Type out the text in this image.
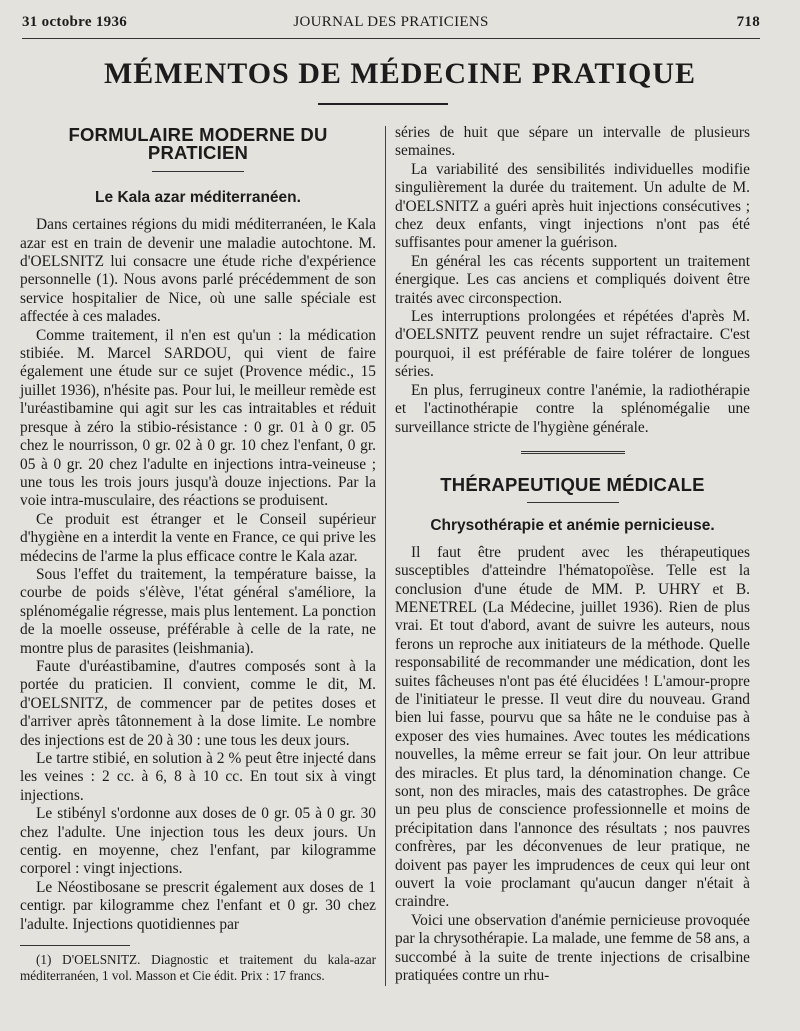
31 octobre 1936	JOURNAL DES PRATICIENS	718
MÉMENTOS DE MÉDECINE PRATIQUE
FORMULAIRE MODERNE DU PRATICIEN
Le Kala azar méditerranéen.

Dans certaines régions du midi méditerranéen, le Kala azar est en train de devenir une maladie autochtone. M. d'OELSNITZ lui consacre une étude riche d'expérience personnelle (1). Nous avons parlé précédemment de son service hospitalier de Nice, où une salle spéciale est affectée à ces malades.

Comme traitement, il n'en est qu'un : la médication stibiée. M. Marcel SARDOU, qui vient de faire également une étude sur ce sujet (Provence médic., 15 juillet 1936), n'hésite pas. Pour lui, le meilleur remède est l'uréastibamine qui agit sur les cas intraitables et réduit presque à zéro la stibio-résistance : 0 gr. 01 à 0 gr. 05 chez le nourrisson, 0 gr. 02 à 0 gr. 10 chez l'enfant, 0 gr. 05 à 0 gr. 20 chez l'adulte en injections intra-veineuse ; une tous les trois jours jusqu'à douze injections. Par la voie intra-musculaire, des réactions se produisent.

Ce produit est étranger et le Conseil supérieur d'hygiène en a interdit la vente en France, ce qui prive les médecins de l'arme la plus efficace contre le Kala azar.

Sous l'effet du traitement, la température baisse, la courbe de poids s'élève, l'état général s'améliore, la splénomégalie régresse, mais plus lentement. La ponction de la moelle osseuse, préférable à celle de la rate, ne montre plus de parasites (leishmania).

Faute d'uréastibamine, d'autres composés sont à la portée du praticien. Il convient, comme le dit, M. d'OELSNITZ, de commencer par de petites doses et d'arriver après tâtonnement à la dose limite. Le nombre des injections est de 20 à 30 : une tous les deux jours.

Le tartre stibié, en solution à 2 % peut être injecté dans les veines : 2 cc. à 6, 8 à 10 cc. En tout six à vingt injections.

Le stibényl s'ordonne aux doses de 0 gr. 05 à 0 gr. 30 chez l'adulte. Une injection tous les deux jours. Un centig. en moyenne, chez l'enfant, par kilogramme corporel : vingt injections.

Le Néostibosane se prescrit également aux doses de 1 centigr. par kilogramme chez l'enfant et 0 gr. 30 chez l'adulte. Injections quotidiennes par

(1) D'OELSNITZ. Diagnostic et traitement du kala-azar méditerranéen, 1 vol. Masson et Cie édit. Prix : 17 francs.

séries de huit que sépare un intervalle de plusieurs semaines.

La variabilité des sensibilités individuelles modifie singulièrement la durée du traitement. Un adulte de M. d'OELSNITZ a guéri après huit injections consécutives ; chez deux enfants, vingt injections n'ont pas été suffisantes pour amener la guérison.

En général les cas récents supportent un traitement énergique. Les cas anciens et compliqués doivent être traités avec circonspection.

Les interruptions prolongées et répétées d'après M. d'OELSNITZ peuvent rendre un sujet réfractaire. C'est pourquoi, il est préférable de faire tolérer de longues séries.

En plus, ferrugineux contre l'anémie, la radiothérapie et l'actinothérapie contre la splénomégalie une surveillance stricte de l'hygiène générale.

THÉRAPEUTIQUE MÉDICALE
Chrysothérapie et anémie pernicieuse.

Il faut être prudent avec les thérapeutiques susceptibles d'atteindre l'hématopoïèse. Telle est la conclusion d'une étude de MM. P. UHRY et B. MENETREL (La Médecine, juillet 1936). Rien de plus vrai. Et tout d'abord, avant de suivre les auteurs, nous ferons un reproche aux initiateurs de la méthode. Quelle responsabilité de recommander une médication, dont les suites fâcheuses n'ont pas été élucidées ! L'amour-propre de l'initiateur le presse. Il veut dire du nouveau. Grand bien lui fasse, pourvu que sa hâte ne le conduise pas à exposer des vies humaines. Avec toutes les médications nouvelles, la même erreur se fait jour. On leur attribue des miracles. Et plus tard, la dénomination change. Ce sont, non des miracles, mais des catastrophes. De grâce un peu plus de conscience professionnelle et moins de précipitation dans l'annonce des résultats ; nos pauvres confrères, par les déconvenues de leur pratique, ne doivent pas payer les imprudences de ceux qui leur ont ouvert la voie proclamant qu'aucun danger n'était à craindre.

Voici une observation d'anémie pernicieuse provoquée par la chrysothérapie. La malade, une femme de 58 ans, a succombé à la suite de trente injections de crisalbine pratiquées contre un rhu-
